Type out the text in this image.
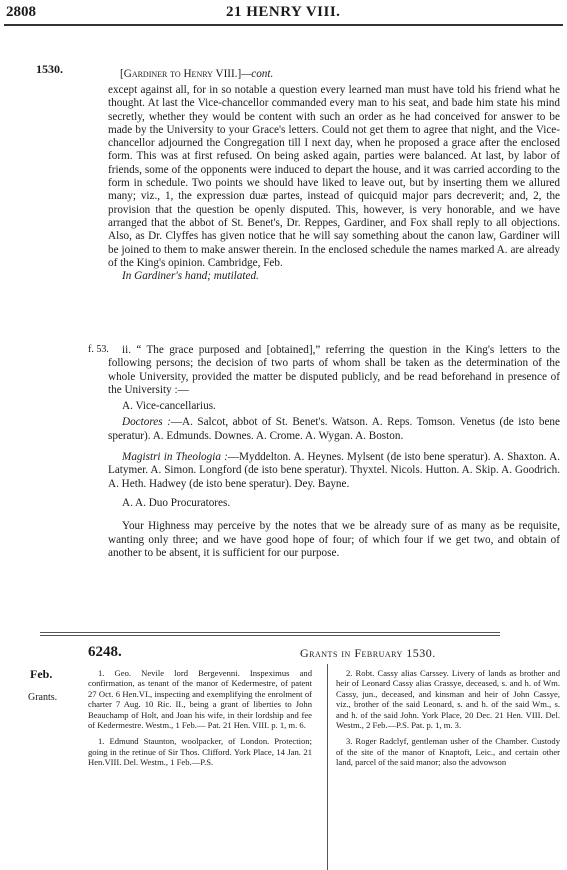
2808	21 HENRY VIII.
1530.	[Gardiner to Henry VIII.]—cont.

except against all, for in so notable a question every learned man must have told his friend what he thought. At last the Vice-chancellor commanded every man to his seat, and bade him state his mind secretly, whether they would be content with such an order as he had conceived for answer to be made by the University to your Grace's letters. Could not get them to agree that night, and the Vice-chancellor adjourned the Congregation till I next day, when he proposed a grace after the enclosed form. This was at first refused. On being asked again, parties were balanced. At last, by labor of friends, some of the opponents were induced to depart the house, and it was carried according to the form in schedule. Two points we should have liked to leave out, but by inserting them we allured many; viz., 1, the expression duæ partes, instead of quicquid major pars decreverit; and, 2, the provision that the question be openly disputed. This, however, is very honorable, and we have arranged that the abbot of St. Benet's, Dr. Reppes, Gardiner, and Fox shall reply to all objections. Also, as Dr. Clyffes has given notice that he will say something about the canon law, Gardiner will be joined to them to make answer therein. In the enclosed schedule the names marked A. are already of the King's opinion. Cambridge, Feb.

In Gardiner's hand; mutilated.

f. 53.	ii. “ The grace purposed and [obtained],” referring the question in the King's letters to the following persons; the decision of two parts of whom shall be taken as the determination of the whole University, provided the matter be disputed publicly, and be read beforehand in presence of the University :—

A. Vice-cancellarius.

Doctores :—A. Salcot, abbot of St. Benet's. Watson. A. Reps. Tomson. Venetus (de isto bene speratur). A. Edmunds. Downes. A. Crome. A. Wygan. A. Boston.

Magistri in Theologia :—Myddelton. A. Heynes. Mylsent (de isto bene speratur). A. Shaxton. A. Latymer. A. Simon. Longford (de isto bene speratur). Thyxtel. Nicols. Hutton. A. Skip. A. Goodrich. A. Heth. Hadwey (de isto bene speratur). Dey. Bayne.

A. A. Duo Procuratores.

Your Highness may perceive by the notes that we be already sure of as many as be requisite, wanting only three; and we have good hope of four; of which four if we get two, and obtain of another to be absent, it is sufficient for our purpose.

6248.	Grants in February 1530.
Feb.
Grants.

1. Geo. Nevile lord Bergevenni. Inspeximus and confirmation, as tenant of the manor of Kedermestre, of patent 27 Oct. 6 Hen.VI., inspecting and exemplifying the enrolment of charter 7 Aug. 10 Ric. II., being a grant of liberties to John Beauchamp of Holt, and Joan his wife, in their lordship and fee of Kedermestre. Westm., 1 Feb.— Pat. 21 Hen. VIII. p. 1, m. 6.

1. Edmund Staunton, woolpacker, of London. Protection; going in the retinue of Sir Thos. Clifford. York Place, 14 Jan. 21 Hen.VIII. Del. Westm., 1 Feb.—P.S.

2. Robt. Cassy alias Carssey. Livery of lands as brother and heir of Leonard Cassy alias Crassye, deceased, s. and h. of Wm. Cassy, jun., deceased, and kinsman and heir of John Cassye, viz., brother of the said Leonard, s. and h. of the said Wm., s. and h. of the said John. York Place, 20 Dec. 21 Hen. VIII. Del. Westm., 2 Feb.—P.S. Pat. p. 1, m. 3.

3. Roger Radclyf, gentleman usher of the Chamber. Custody of the site of the manor of Knaptoft, Leic., and certain other land, parcel of the said manor; also the advowson
